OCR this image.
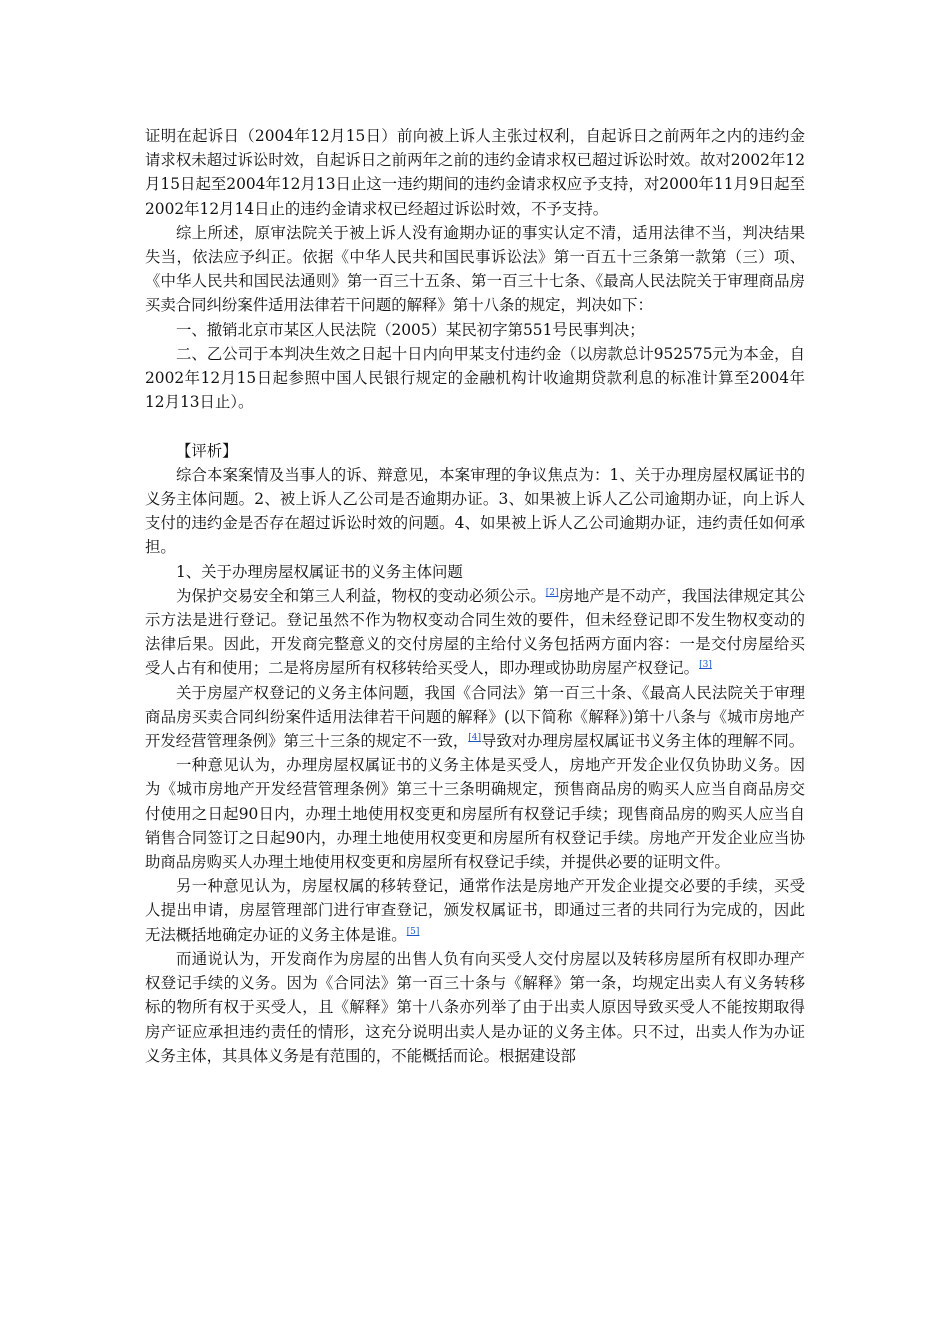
证明在起诉日（2004年12月15日）前向被上诉人主张过权利，自起诉日之前两年之内的违约金请求权未超过诉讼时效，自起诉日之前两年之前的违约金请求权已超过诉讼时效。故对2002年12月15日起至2004年12月13日止这一违约期间的违约金请求权应予支持，对2000年11月9日起至2002年12月14日止的违约金请求权已经超过诉讼时效，不予支持。

综上所述，原审法院关于被上诉人没有逾期办证的事实认定不清，适用法律不当，判决结果失当，依法应予纠正。依据《中华人民共和国民事诉讼法》第一百五十三条第一款第（三）项、《中华人民共和国民法通则》第一百三十五条、第一百三十七条、《最高人民法院关于审理商品房买卖合同纠纷案件适用法律若干问题的解释》第十八条的规定，判决如下：

一、撤销北京市某区人民法院（2005）某民初字第551号民事判决；

二、乙公司于本判决生效之日起十日内向甲某支付违约金（以房款总计952575元为本金，自2002年12月15日起参照中国人民银行规定的金融机构计收逾期贷款利息的标准计算至2004年12月13日止）。

【评析】

综合本案案情及当事人的诉、辩意见，本案审理的争议焦点为：1、关于办理房屋权属证书的义务主体问题。2、被上诉人乙公司是否逾期办证。3、如果被上诉人乙公司逾期办证，向上诉人支付的违约金是否存在超过诉讼时效的问题。4、如果被上诉人乙公司逾期办证，违约责任如何承担。

1、关于办理房屋权属证书的义务主体问题

为保护交易安全和第三人利益，物权的变动必须公示。[2]房地产是不动产，我国法律规定其公示方法是进行登记。登记虽然不作为物权变动合同生效的要件，但未经登记即不发生物权变动的法律后果。因此，开发商完整意义的交付房屋的主给付义务包括两方面内容：一是交付房屋给买受人占有和使用；二是将房屋所有权移转给买受人，即办理或协助房屋产权登记。[3]

关于房屋产权登记的义务主体问题，我国《合同法》第一百三十条、《最高人民法院关于审理商品房买卖合同纠纷案件适用法律若干问题的解释》(以下简称《解释》)第十八条与《城市房地产开发经营管理条例》第三十三条的规定不一致，[4]导致对办理房屋权属证书义务主体的理解不同。

一种意见认为，办理房屋权属证书的义务主体是买受人，房地产开发企业仅负协助义务。因为《城市房地产开发经营管理条例》第三十三条明确规定，预售商品房的购买人应当自商品房交付使用之日起90日内，办理土地使用权变更和房屋所有权登记手续；现售商品房的购买人应当自销售合同签订之日起90内，办理土地使用权变更和房屋所有权登记手续。房地产开发企业应当协助商品房购买人办理土地使用权变更和房屋所有权登记手续，并提供必要的证明文件。

另一种意见认为，房屋权属的移转登记，通常作法是房地产开发企业提交必要的手续，买受人提出申请，房屋管理部门进行审查登记，颁发权属证书，即通过三者的共同行为完成的，因此无法概括地确定办证的义务主体是谁。[5]

而通说认为，开发商作为房屋的出售人负有向买受人交付房屋以及转移房屋所有权即办理产权登记手续的义务。因为《合同法》第一百三十条与《解释》第一条，均规定出卖人有义务转移标的物所有权于买受人，且《解释》第十八条亦列举了由于出卖人原因导致买受人不能按期取得房产证应承担违约责任的情形，这充分说明出卖人是办证的义务主体。只不过，出卖人作为办证义务主体，其具体义务是有范围的，不能概括而论。根据建设部
